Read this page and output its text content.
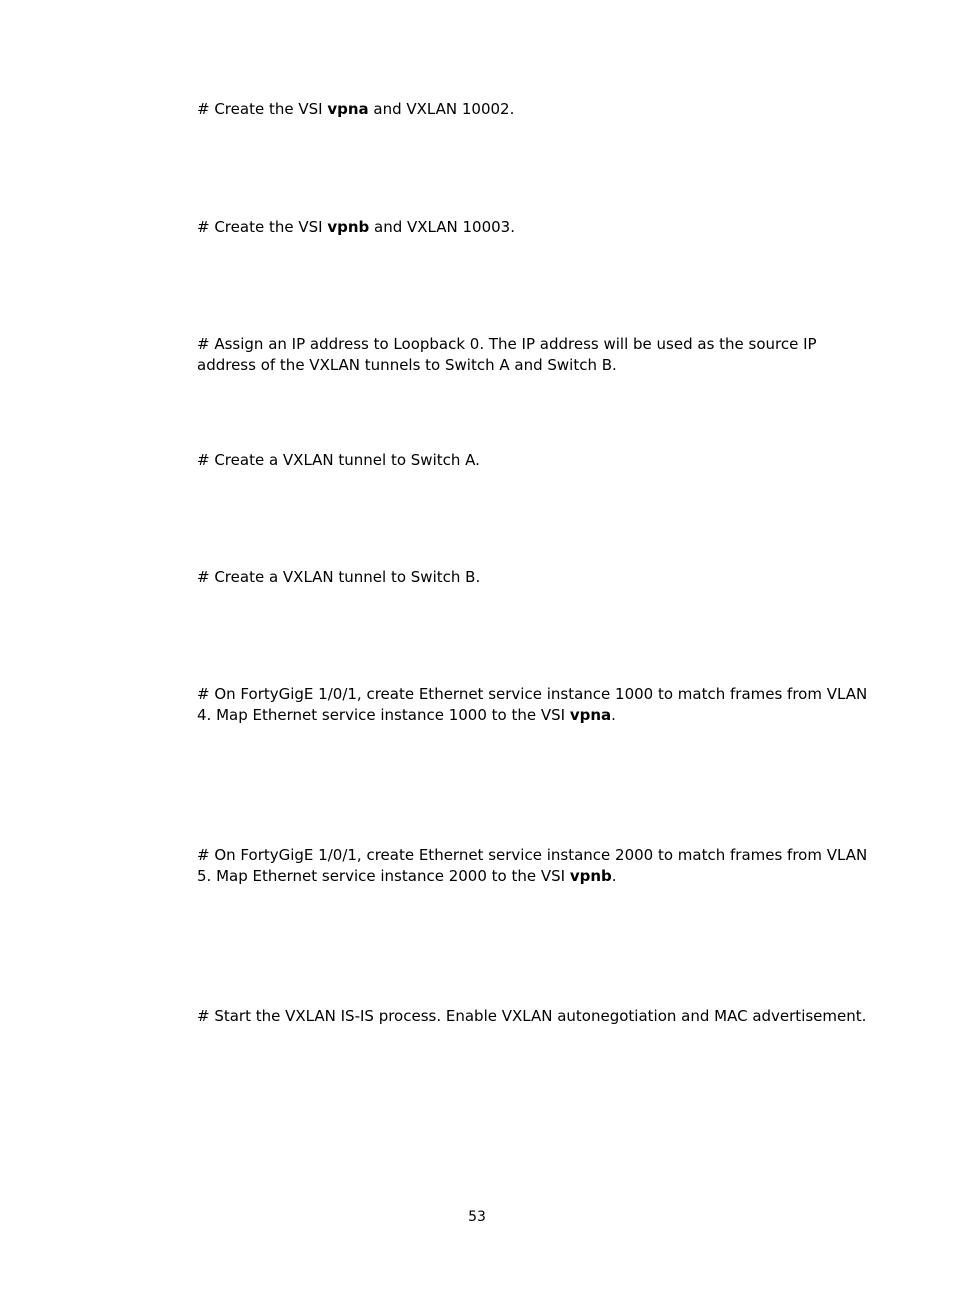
# Create the VSI vpna and VXLAN 10002.

# Create the VSI vpnb and VXLAN 10003.

# Assign an IP address to Loopback 0. The IP address will be used as the source IP address of the VXLAN tunnels to Switch A and Switch B.

# Create a VXLAN tunnel to Switch A.

# Create a VXLAN tunnel to Switch B.

# On FortyGigE 1/0/1, create Ethernet service instance 1000 to match frames from VLAN 4. Map Ethernet service instance 1000 to the VSI vpna.

# On FortyGigE 1/0/1, create Ethernet service instance 2000 to match frames from VLAN 5. Map Ethernet service instance 2000 to the VSI vpnb.

# Start the VXLAN IS-IS process. Enable VXLAN autonegotiation and MAC advertisement.

53
